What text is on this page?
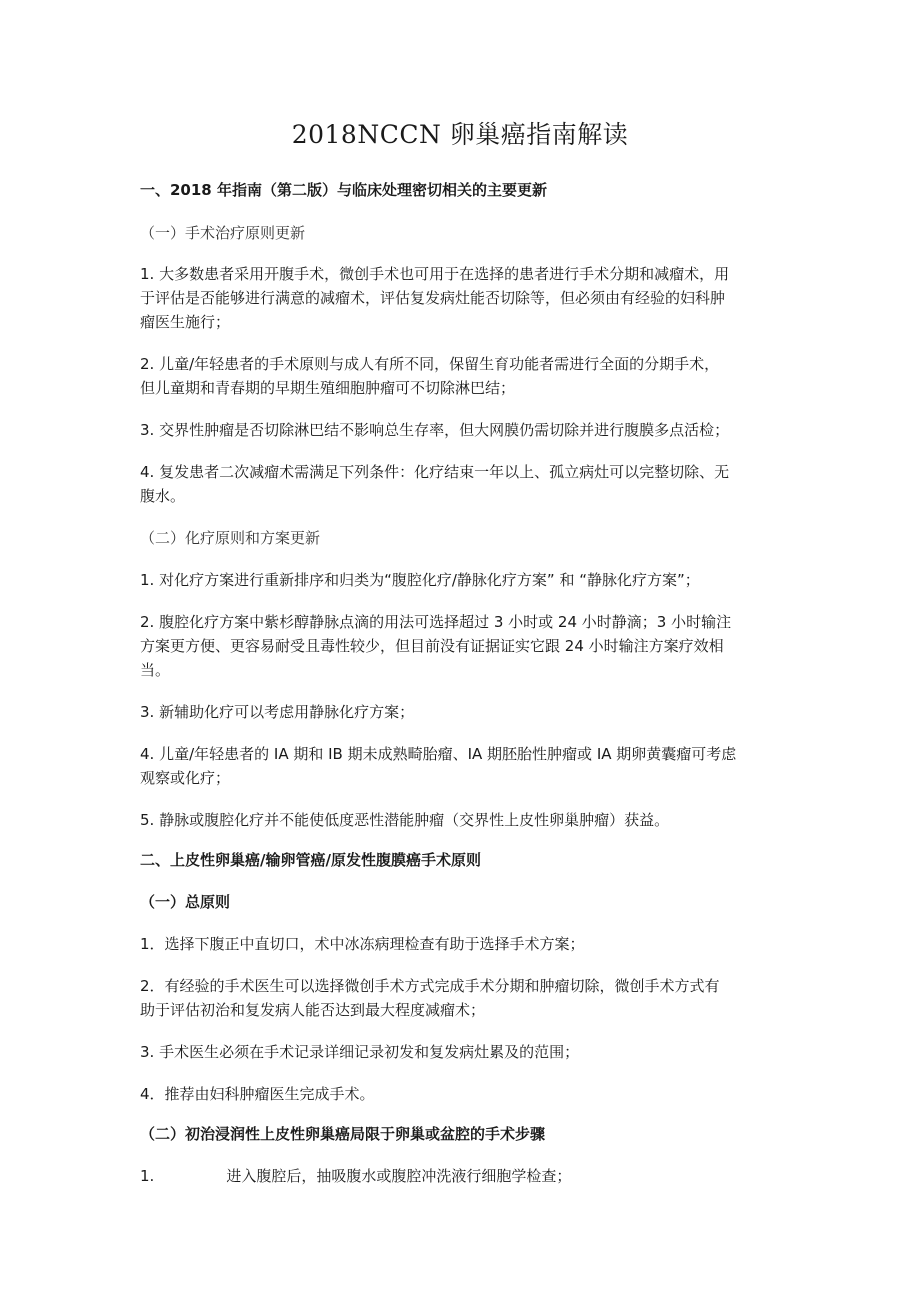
2018NCCN 卵巢癌指南解读
一、2018 年指南（第二版）与临床处理密切相关的主要更新
（一）手术治疗原则更新
1. 大多数患者采用开腹手术，微创手术也可用于在选择的患者进行手术分期和减瘤术，用
于评估是否能够进行满意的减瘤术，评估复发病灶能否切除等，但必须由有经验的妇科肿
瘤医生施行；
2. 儿童/年轻患者的手术原则与成人有所不同，保留生育功能者需进行全面的分期手术，
但儿童期和青春期的早期生殖细胞肿瘤可不切除淋巴结；
3. 交界性肿瘤是否切除淋巴结不影响总生存率，但大网膜仍需切除并进行腹膜多点活检；
4. 复发患者二次减瘤术需满足下列条件：化疗结束一年以上、孤立病灶可以完整切除、无
腹水。
（二）化疗原则和方案更新
1. 对化疗方案进行重新排序和归类为“腹腔化疗/静脉化疗方案” 和 “静脉化疗方案”；
2. 腹腔化疗方案中紫杉醇静脉点滴的用法可选择超过 3 小时或 24 小时静滴；3 小时输注
方案更方便、更容易耐受且毒性较少，但目前没有证据证实它跟 24 小时输注方案疗效相
当。
3. 新辅助化疗可以考虑用静脉化疗方案；
4. 儿童/年轻患者的 IA 期和 IB 期未成熟畸胎瘤、IA 期胚胎性肿瘤或 IA 期卵黄囊瘤可考虑
观察或化疗；
5. 静脉或腹腔化疗并不能使低度恶性潜能肿瘤（交界性上皮性卵巢肿瘤）获益。
二、上皮性卵巢癌/输卵管癌/原发性腹膜癌手术原则
（一）总原则
1．选择下腹正中直切口，术中冰冻病理检查有助于选择手术方案；
2．有经验的手术医生可以选择微创手术方式完成手术分期和肿瘤切除，微创手术方式有
助于评估初治和复发病人能否达到最大程度减瘤术；
3. 手术医生必须在手术记录详细记录初发和复发病灶累及的范围；
4．推荐由妇科肿瘤医生完成手术。
（二）初治浸润性上皮性卵巢癌局限于卵巢或盆腔的手术步骤
1.	进入腹腔后，抽吸腹水或腹腔冲洗液行细胞学检查；
